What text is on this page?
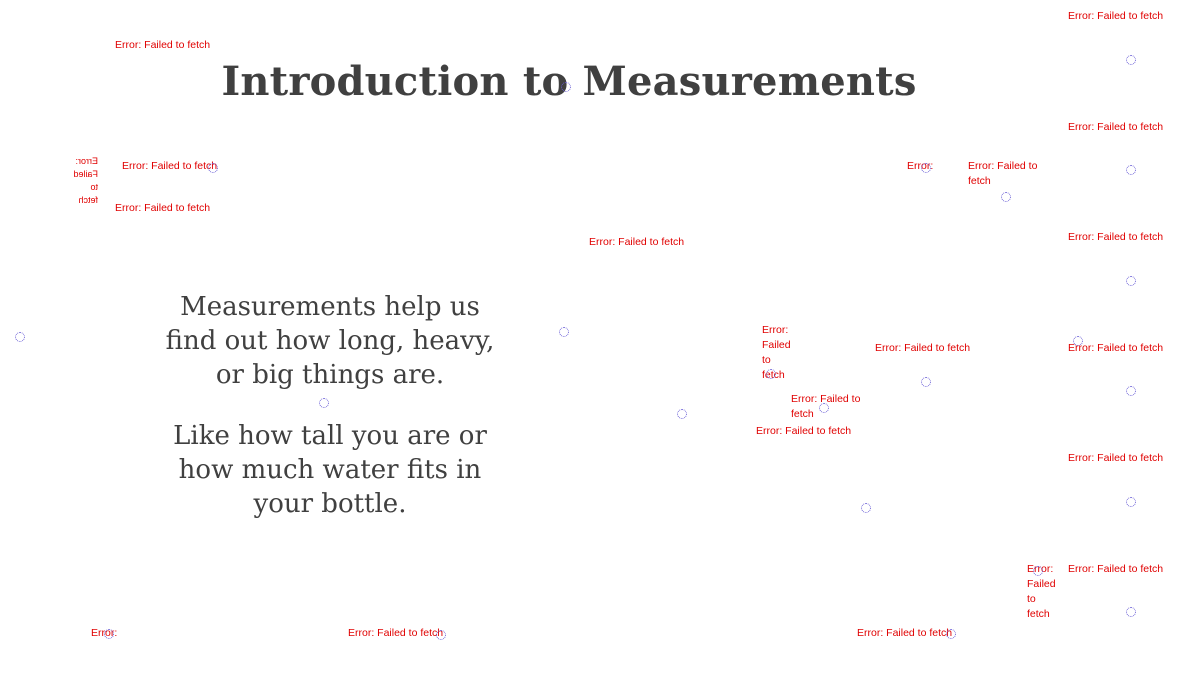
Introduction to Measurements

Measurements help us find out how long, heavy, or big things are.

Like how tall you are or how much water fits in your bottle.

Error: Failed to fetch
Error: Failed to fetch
Error: Failed to fetch
Error: Failed to fetch
Error: Failed to fetch
Error: Failed to fetch
Error:	Error: Failed to fetch
Error: Failed to fetch	Error: Failed to fetch
Error: Failed to fetch
Error: Failed to fetch	Error: Failed to fetch
Error: Failed to fetch
Error: Failed to fetch
Error: Failed to fetch
Error: Failed to fetch
Error: Failed to fetch
Error:	Error: Failed to fetch	Error: Failed to fetch
